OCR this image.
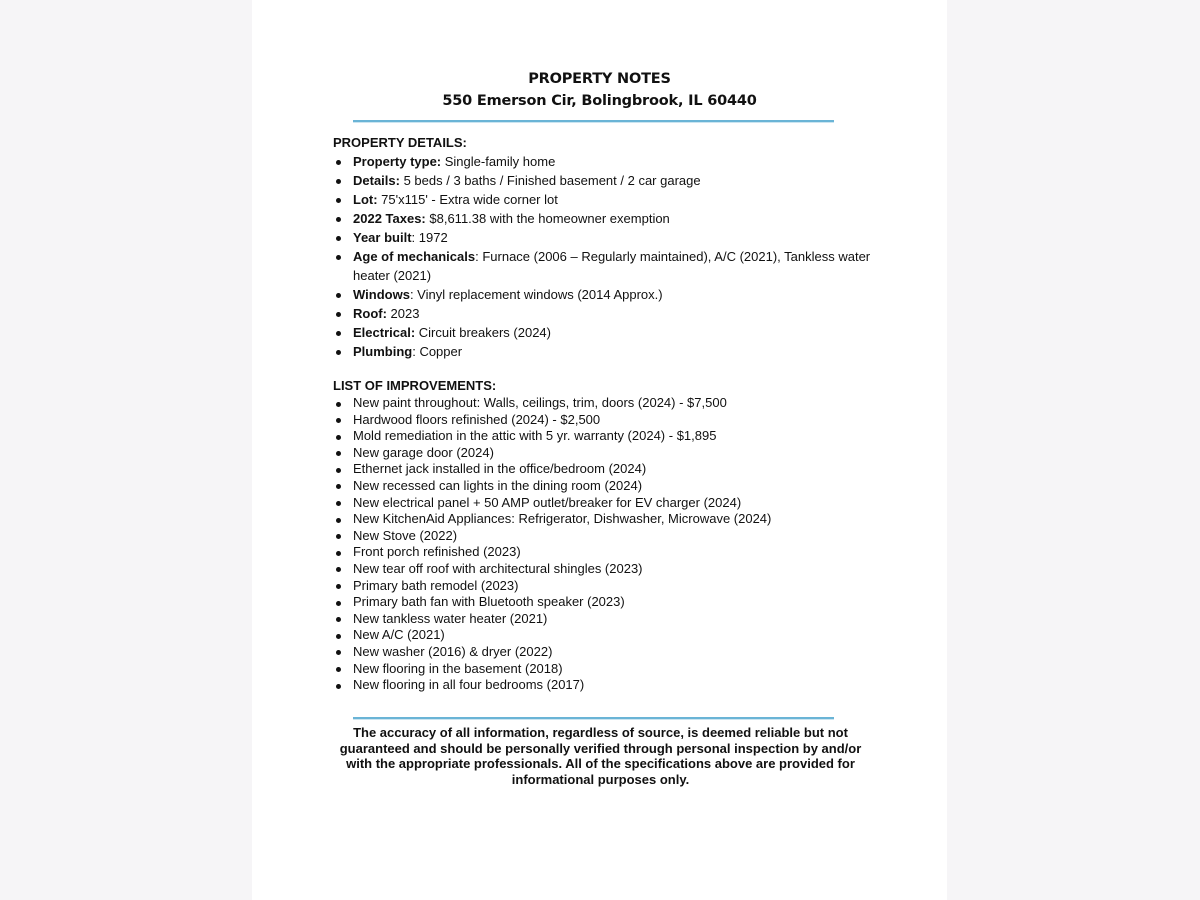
PROPERTY NOTES
550 Emerson Cir, Bolingbrook, IL 60440
PROPERTY DETAILS:
Property type: Single-family home
Details: 5 beds / 3 baths / Finished basement / 2 car garage
Lot: 75'x115' - Extra wide corner lot
2022 Taxes: $8,611.38 with the homeowner exemption
Year built: 1972
Age of mechanicals: Furnace (2006 – Regularly maintained), A/C (2021), Tankless water heater (2021)
Windows: Vinyl replacement windows (2014 Approx.)
Roof: 2023
Electrical: Circuit breakers (2024)
Plumbing: Copper
LIST OF IMPROVEMENTS:
New paint throughout: Walls, ceilings, trim, doors (2024) - $7,500
Hardwood floors refinished (2024) - $2,500
Mold remediation in the attic with 5 yr. warranty (2024) - $1,895
New garage door (2024)
Ethernet jack installed in the office/bedroom (2024)
New recessed can lights in the dining room (2024)
New electrical panel + 50 AMP outlet/breaker for EV charger (2024)
New KitchenAid Appliances: Refrigerator, Dishwasher, Microwave (2024)
New Stove (2022)
Front porch refinished (2023)
New tear off roof with architectural shingles (2023)
Primary bath remodel (2023)
Primary bath fan with Bluetooth speaker (2023)
New tankless water heater (2021)
New A/C (2021)
New washer (2016) & dryer (2022)
New flooring in the basement (2018)
New flooring in all four bedrooms (2017)
The accuracy of all information, regardless of source, is deemed reliable but not guaranteed and should be personally verified through personal inspection by and/or with the appropriate professionals. All of the specifications above are provided for informational purposes only.
